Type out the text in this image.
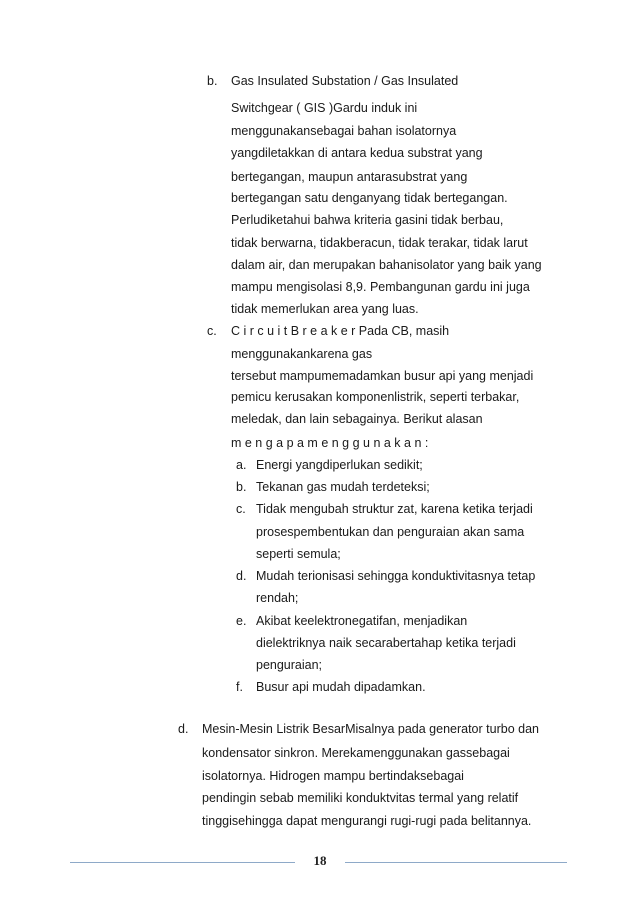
b. Gas Insulated Substation / Gas Insulated
Switchgear ( GIS )Gardu induk ini
menggunakansebagai bahan isolatornya
yangdiletakkan di antara kedua substrat yang
bertegangan, maupun antarasubstrat yang
bertegangan satu denganyang tidak bertegangan.
Perludiketahui bahwa kriteria gasini tidak berbau,
tidak berwarna, tidakberacun, tidak terakar, tidak larut
dalam air, dan merupakan bahanisolator yang baik yang
mampu mengisolasi 8,9. Pembangunan gardu ini juga
tidak memerlukan area yang luas.
c. C i r c u i t B r e a k e r Pada CB, masih
menggunakankarena gas
tersebut mampumemadamkan busur api yang menjadi
pemicu kerusakan komponenlistrik, seperti terbakar,
meledak, dan lain sebagainya. Berikut alasan
m e n g a p a m e n g g u n a k a n :
a. Energi yangdiperlukan sedikit;
b. Tekanan gas mudah terdeteksi;
c. Tidak mengubah struktur zat, karena ketika terjadi
prosespembentukan dan penguraian akan sama
seperti semula;
d. Mudah terionisasi sehingga konduktivitasnya tetap
rendah;
e. Akibat keelektronegatifan, menjadikan
dielektriknya naik secarabertahap ketika terjadi
penguraian;
f. Busur api mudah dipadamkan.
d. Mesin-Mesin Listrik BesarMisalnya pada generator turbo dan
kondensator sinkron. Merekamenggunakan gassebagai
isolatornya. Hidrogen mampu bertindaksebagai
pendingin sebab memiliki konduktvitas termal yang relatif
tinggisehingga dapat mengurangi rugi-rugi pada belitannya.
18
